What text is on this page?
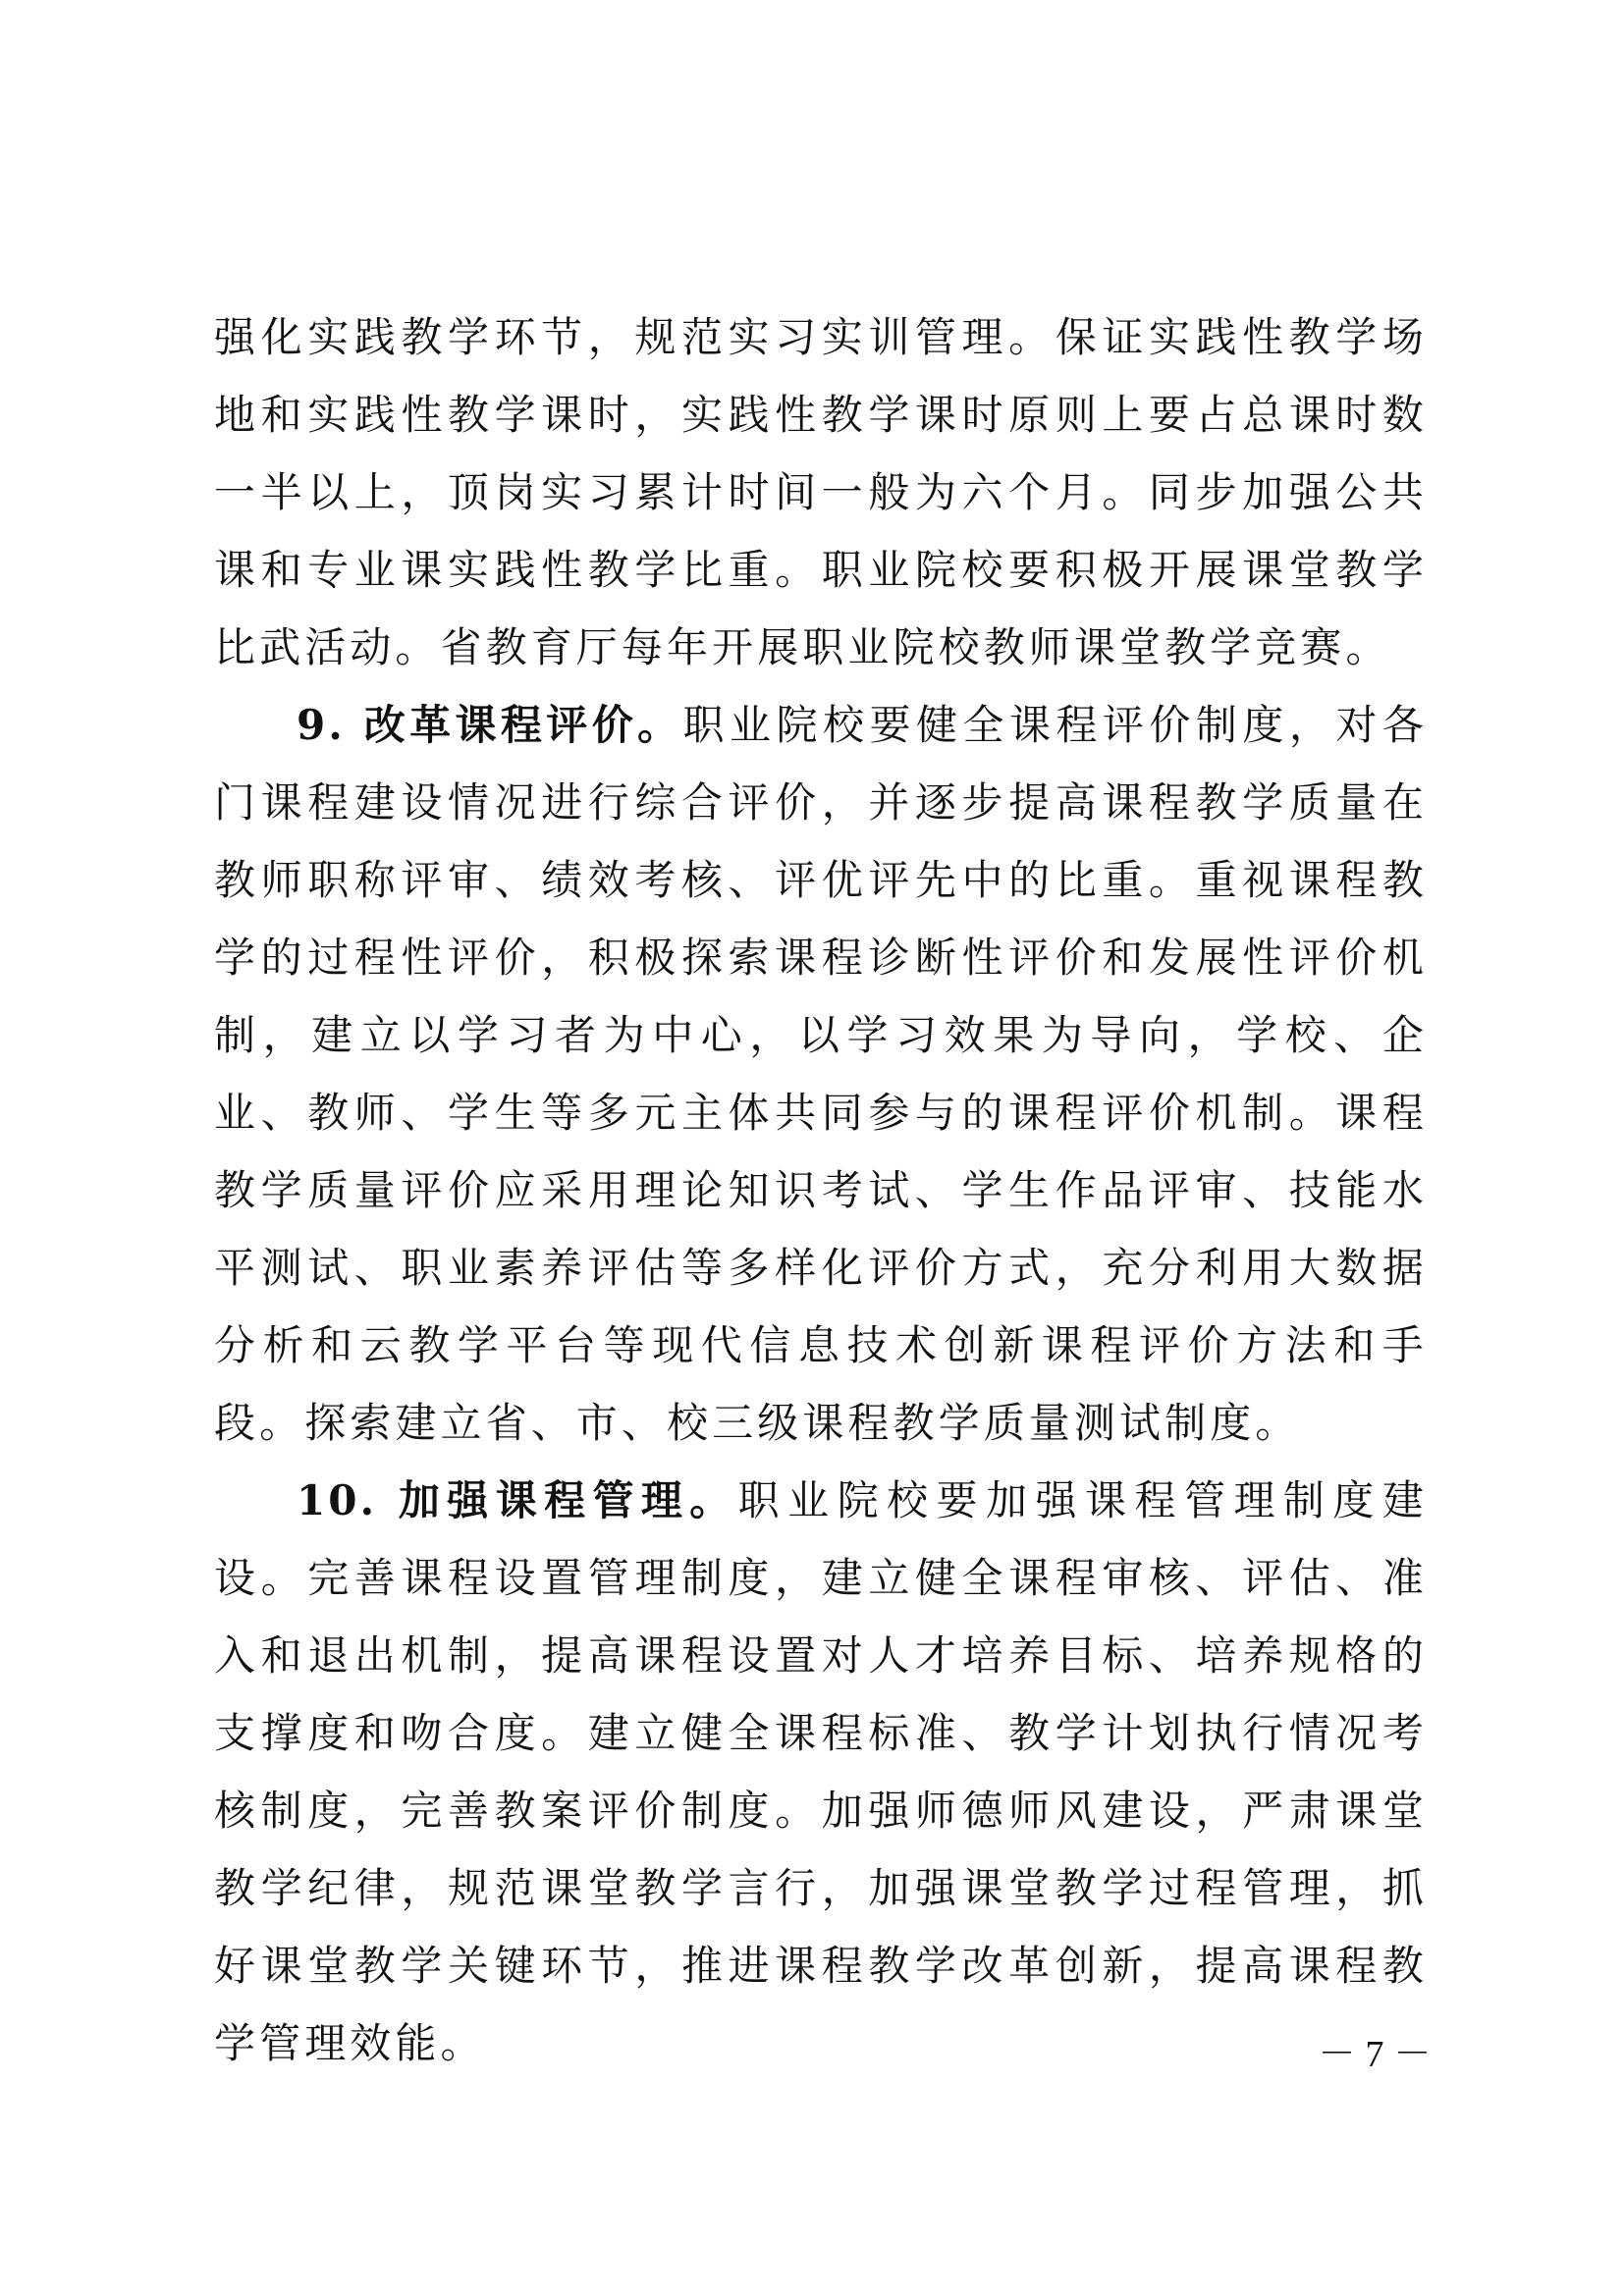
强化实践教学环节，规范实习实训管理。保证实践性教学场地和实践性教学课时，实践性教学课时原则上要占总课时数一半以上，顶岗实习累计时间一般为六个月。同步加强公共课和专业课实践性教学比重。职业院校要积极开展课堂教学比武活动。省教育厅每年开展职业院校教师课堂教学竞赛。

9. 改革课程评价。职业院校要健全课程评价制度，对各门课程建设情况进行综合评价，并逐步提高课程教学质量在教师职称评审、绩效考核、评优评先中的比重。重视课程教学的过程性评价，积极探索课程诊断性评价和发展性评价机制，建立以学习者为中心，以学习效果为导向，学校、企业、教师、学生等多元主体共同参与的课程评价机制。课程教学质量评价应采用理论知识考试、学生作品评审、技能水平测试、职业素养评估等多样化评价方式，充分利用大数据分析和云教学平台等现代信息技术创新课程评价方法和手段。探索建立省、市、校三级课程教学质量测试制度。

10. 加强课程管理。职业院校要加强课程管理制度建设。完善课程设置管理制度，建立健全课程审核、评估、准入和退出机制，提高课程设置对人才培养目标、培养规格的支撑度和吻合度。建立健全课程标准、教学计划执行情况考核制度，完善教案评价制度。加强师德师风建设，严肃课堂教学纪律，规范课堂教学言行，加强课堂教学过程管理，抓好课堂教学关键环节，推进课程教学改革创新，提高课程教学管理效能。	－7－
